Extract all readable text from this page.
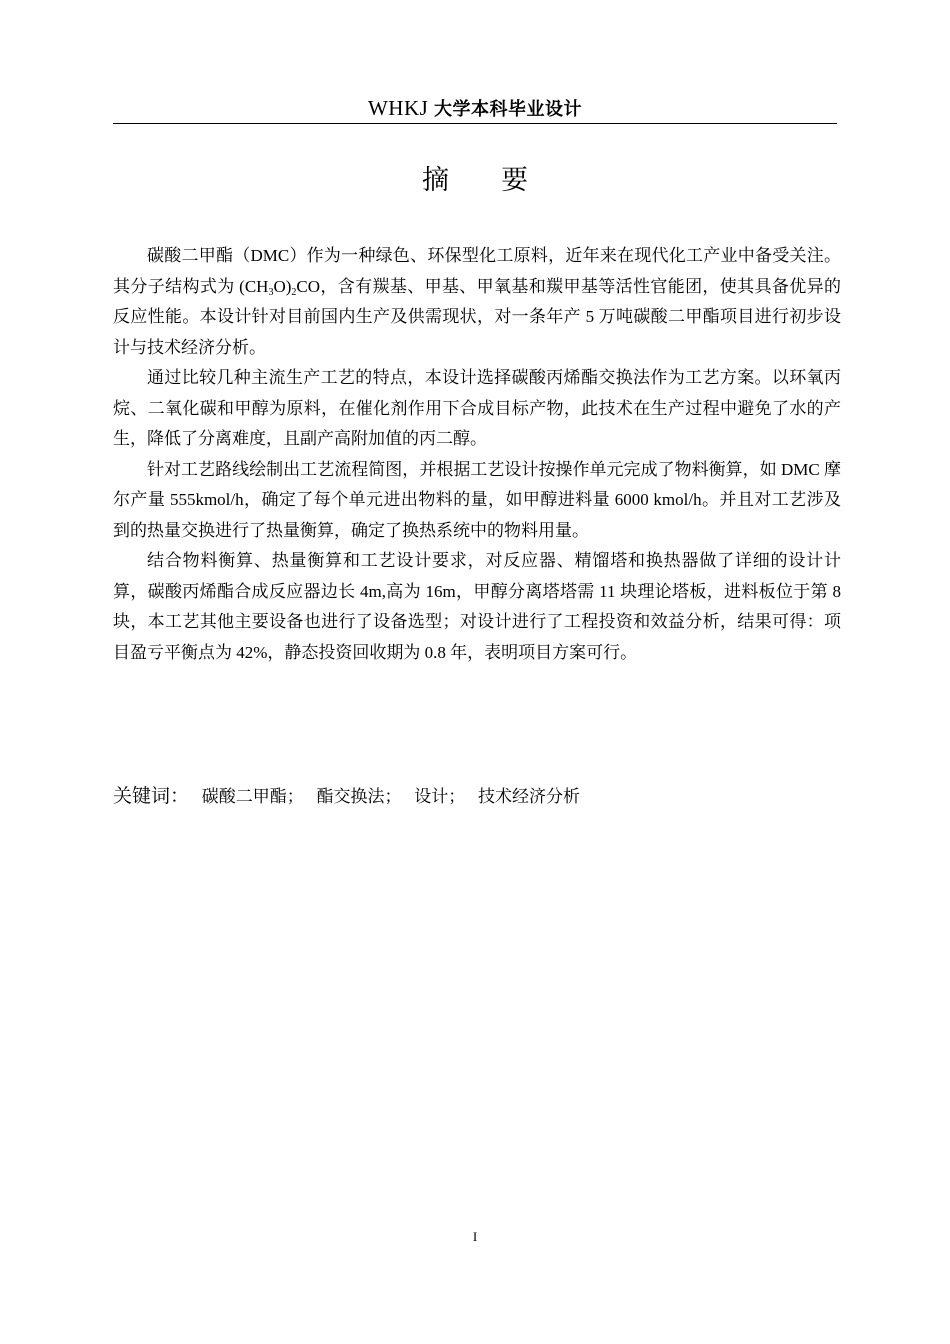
WHKJ 大学本科毕业设计
摘要

碳酸二甲酯（DMC）作为一种绿色、环保型化工原料，近年来在现代化工产业中备受关注。其分子结构式为 $(CH_3O)_2CO$，含有羰基、甲基、甲氧基和羰甲基等活性官能团，使其具备优异的反应性能。本设计针对目前国内生产及供需现状，对一条年产 5 万吨碳酸二甲酯项目进行初步设计与技术经济分析。

通过比较几种主流生产工艺的特点，本设计选择碳酸丙烯酯交换法作为工艺方案。以环氧丙烷、二氧化碳和甲醇为原料，在催化剂作用下合成目标产物，此技术在生产过程中避免了水的产生，降低了分离难度，且副产高附加值的丙二醇。

针对工艺路线绘制出工艺流程简图，并根据工艺设计按操作单元完成了物料衡算，如 DMC 摩尔产量 555kmol/h，确定了每个单元进出物料的量，如甲醇进料量 6000 kmol/h。并且对工艺涉及到的热量交换进行了热量衡算，确定了换热系统中的物料用量。

结合物料衡算、热量衡算和工艺设计要求，对反应器、精馏塔和换热器做了详细的设计计算，碳酸丙烯酯合成反应器边长 4m,高为 16m，甲醇分离塔塔需 11 块理论塔板，进料板位于第 8 块，本工艺其他主要设备也进行了设备选型；对设计进行了工程投资和效益分析，结果可得：项目盈亏平衡点为 42%，静态投资回收期为 0.8 年，表明项目方案可行。

关键词： 碳酸二甲酯； 酯交换法； 设计； 技术经济分析
I
